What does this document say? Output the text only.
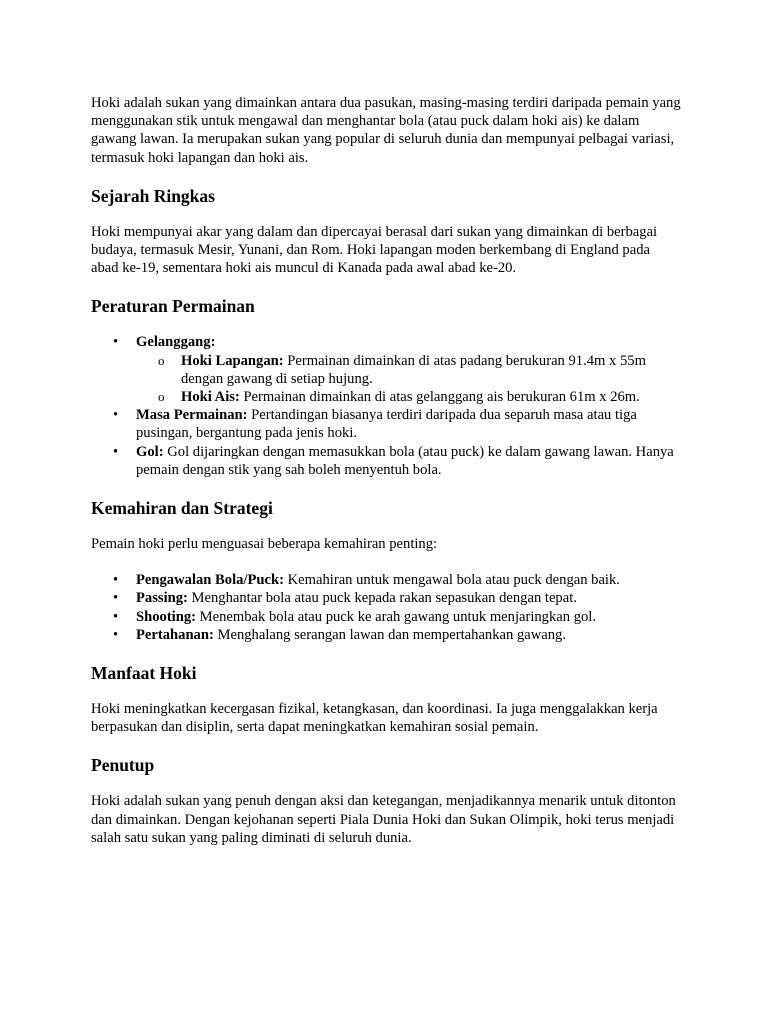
Hoki adalah sukan yang dimainkan antara dua pasukan, masing-masing terdiri daripada pemain yang menggunakan stik untuk mengawal dan menghantar bola (atau puck dalam hoki ais) ke dalam gawang lawan. Ia merupakan sukan yang popular di seluruh dunia dan mempunyai pelbagai variasi, termasuk hoki lapangan dan hoki ais.

Sejarah Ringkas

Hoki mempunyai akar yang dalam dan dipercayai berasal dari sukan yang dimainkan di berbagai budaya, termasuk Mesir, Yunani, dan Rom. Hoki lapangan moden berkembang di England pada abad ke-19, sementara hoki ais muncul di Kanada pada awal abad ke-20.

Peraturan Permainan
• Gelanggang:
o Hoki Lapangan: Permainan dimainkan di atas padang berukuran 91.4m x 55m dengan gawang di setiap hujung.
o Hoki Ais: Permainan dimainkan di atas gelanggang ais berukuran 61m x 26m.
• Masa Permainan: Pertandingan biasanya terdiri daripada dua separuh masa atau tiga pusingan, bergantung pada jenis hoki.
• Gol: Gol dijaringkan dengan memasukkan bola (atau puck) ke dalam gawang lawan. Hanya pemain dengan stik yang sah boleh menyentuh bola.
Kemahiran dan Strategi

Pemain hoki perlu menguasai beberapa kemahiran penting:

• Pengawalan Bola/Puck: Kemahiran untuk mengawal bola atau puck dengan baik.
• Passing: Menghantar bola atau puck kepada rakan sepasukan dengan tepat.
• Shooting: Menembak bola atau puck ke arah gawang untuk menjaringkan gol.
• Pertahanan: Menghalang serangan lawan dan mempertahankan gawang.
Manfaat Hoki

Hoki meningkatkan kecergasan fizikal, ketangkasan, dan koordinasi. Ia juga menggalakkan kerja berpasukan dan disiplin, serta dapat meningkatkan kemahiran sosial pemain.

Penutup

Hoki adalah sukan yang penuh dengan aksi dan ketegangan, menjadikannya menarik untuk ditonton dan dimainkan. Dengan kejohanan seperti Piala Dunia Hoki dan Sukan Olimpik, hoki terus menjadi salah satu sukan yang paling diminati di seluruh dunia.
